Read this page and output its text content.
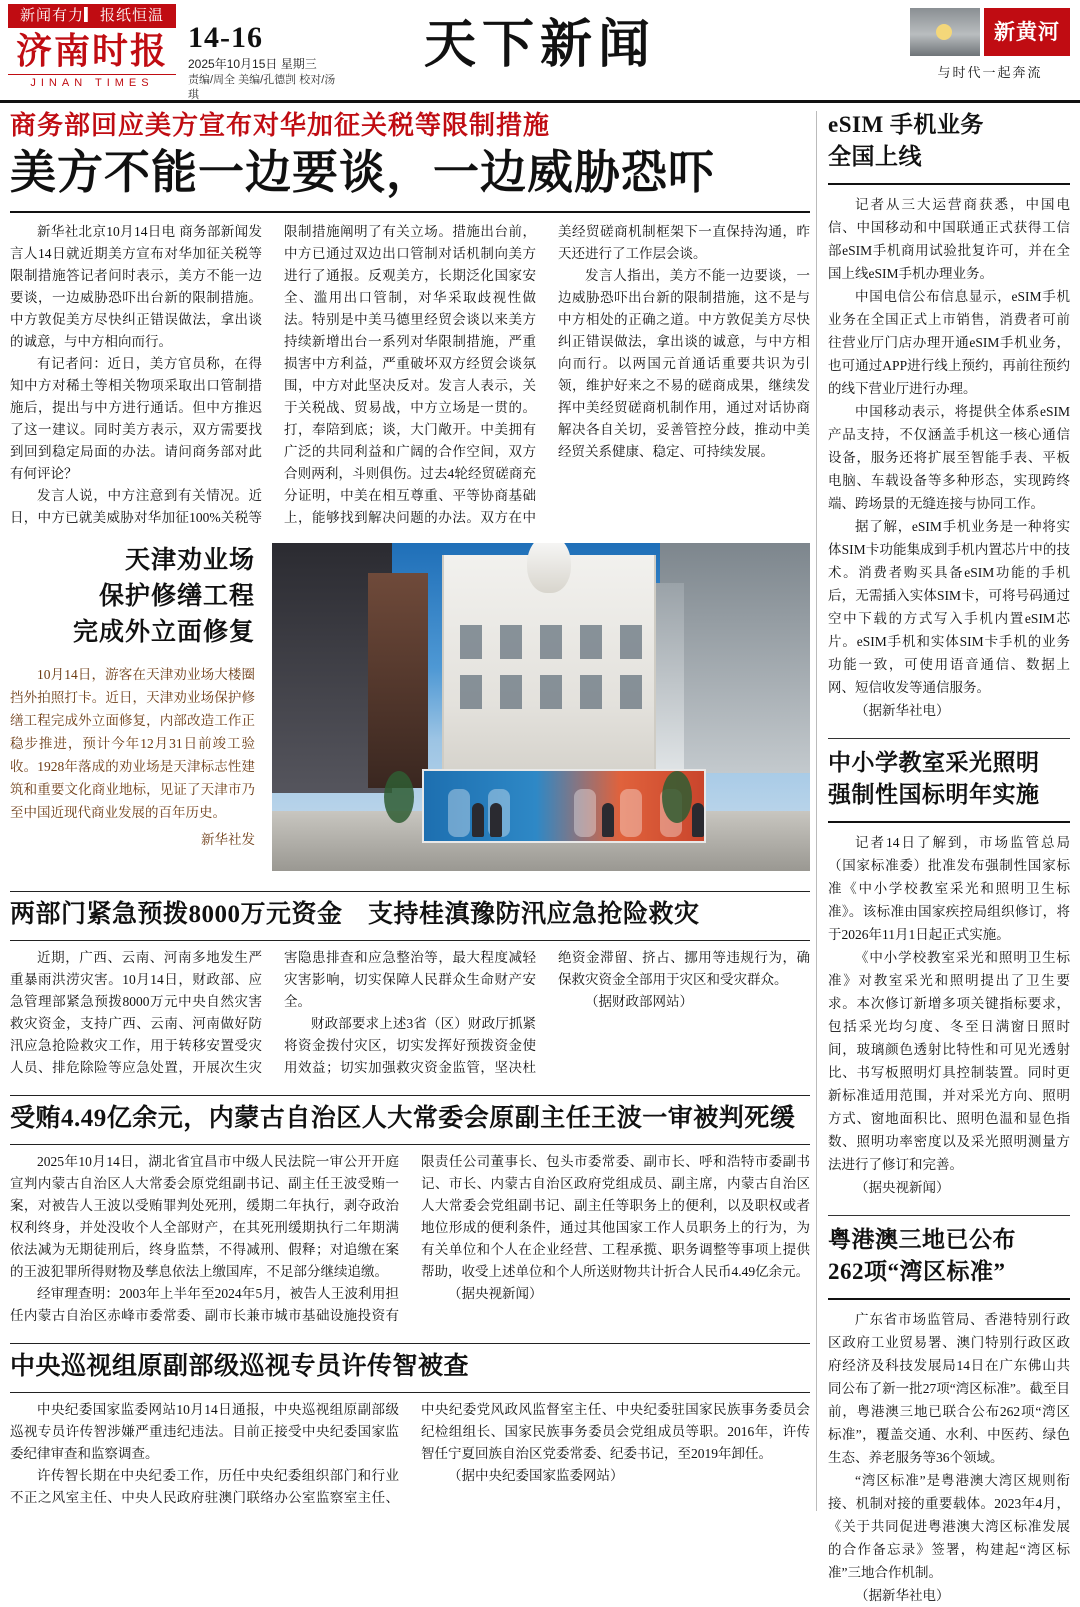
新闻有力▎报纸恒温
济南时报
JINAN TIMES
14-16
2025年10月15日 星期三
责编/周全 美编/孔德剀 校对/汤琪
天下新闻	新黄河
与时代一起奔流
商务部回应美方宣布对华加征关税等限制措施
美方不能一边要谈，一边威胁恐吓

新华社北京10月14日电 商务部新闻发言人14日就近期美方宣布对华加征关税等限制措施答记者问时表示，美方不能一边要谈，一边威胁恐吓出台新的限制措施。中方敦促美方尽快纠正错误做法，拿出谈的诚意，与中方相向而行。

有记者问：近日，美方官员称，在得知中方对稀土等相关物项采取出口管制措施后，提出与中方进行通话。但中方推迟了这一建议。同时美方表示，双方需要找到回到稳定局面的办法。请问商务部对此有何评论？

发言人说，中方注意到有关情况。近日，中方已就美威胁对华加征100%关税等限制措施阐明了有关立场。措施出台前，中方已通过双边出口管制对话机制向美方进行了通报。反观美方，长期泛化国家安全、滥用出口管制，对华采取歧视性做法。特别是中美马德里经贸会谈以来美方持续新增出台一系列对华限制措施，严重损害中方利益，严重破坏双方经贸会谈氛围，中方对此坚决反对。发言人表示，关于关税战、贸易战，中方立场是一贯的。打，奉陪到底；谈，大门敞开。中美拥有广泛的共同利益和广阔的合作空间，双方合则两利，斗则俱伤。过去4轮经贸磋商充分证明，中美在相互尊重、平等协商基础上，能够找到解决问题的办法。双方在中美经贸磋商机制框架下一直保持沟通，昨天还进行了工作层会谈。

发言人指出，美方不能一边要谈，一边威胁恐吓出台新的限制措施，这不是与中方相处的正确之道。中方敦促美方尽快纠正错误做法，拿出谈的诚意，与中方相向而行。以两国元首通话重要共识为引领，维护好来之不易的磋商成果，继续发挥中美经贸磋商机制作用，通过对话协商解决各自关切，妥善管控分歧，推动中美经贸关系健康、稳定、可持续发展。

天津劝业场
保护修缮工程
完成外立面修复

10月14日，游客在天津劝业场大楼圈挡外拍照打卡。近日，天津劝业场保护修缮工程完成外立面修复，内部改造工作正稳步推进，预计今年12月31日前竣工验收。1928年落成的劝业场是天津标志性建筑和重要文化商业地标，见证了天津市乃至中国近现代商业发展的百年历史。

新华社发

两部门紧急预拨8000万元资金　支持桂滇豫防汛应急抢险救灾

近期，广西、云南、河南多地发生严重暴雨洪涝灾害。10月14日，财政部、应急管理部紧急预拨8000万元中央自然灾害救灾资金，支持广西、云南、河南做好防汛应急抢险救灾工作，用于转移安置受灾人员、排危除险等应急处置，开展次生灾害隐患排查和应急整治等，最大程度减轻灾害影响，切实保障人民群众生命财产安全。

财政部要求上述3省（区）财政厅抓紧将资金拨付灾区，切实发挥好预拨资金使用效益；切实加强救灾资金监管，坚决杜绝资金滞留、挤占、挪用等违规行为，确保救灾资金全部用于灾区和受灾群众。

（据财政部网站）

受贿4.49亿余元，内蒙古自治区人大常委会原副主任王波一审被判死缓

2025年10月14日，湖北省宜昌市中级人民法院一审公开开庭宣判内蒙古自治区人大常委会原党组副书记、副主任王波受贿一案，对被告人王波以受贿罪判处死刑，缓期二年执行，剥夺政治权利终身，并处没收个人全部财产，在其死刑缓期执行二年期满依法减为无期徒刑后，终身监禁，不得减刑、假释；对追缴在案的王波犯罪所得财物及孳息依法上缴国库，不足部分继续追缴。

经审理查明：2003年上半年至2024年5月，被告人王波利用担任内蒙古自治区赤峰市委常委、副市长兼市城市基础设施投资有限责任公司董事长、包头市委常委、副市长、呼和浩特市委副书记、市长、内蒙古自治区政府党组成员、副主席，内蒙古自治区人大常委会党组副书记、副主任等职务上的便利，以及职权或者地位形成的便利条件，通过其他国家工作人员职务上的行为，为有关单位和个人在企业经营、工程承揽、职务调整等事项上提供帮助，收受上述单位和个人所送财物共计折合人民币4.49亿余元。

（据央视新闻）

中央巡视组原副部级巡视专员许传智被查

中央纪委国家监委网站10月14日通报，中央巡视组原副部级巡视专员许传智涉嫌严重违纪违法。目前正接受中央纪委国家监委纪律审查和监察调查。

许传智长期在中央纪委工作，历任中央纪委组织部门和行业不正之风室主任、中央人民政府驻澳门联络办公室监察室主任、中央纪委党风政风监督室主任、中央纪委驻国家民族事务委员会纪检组组长、国家民族事务委员会党组成员等职。2016年，许传智任宁夏回族自治区党委常委、纪委书记，至2019年卸任。

（据中央纪委国家监委网站）

eSIM 手机业务
全国上线

记者从三大运营商获悉，中国电信、中国移动和中国联通正式获得工信部eSIM手机商用试验批复许可，并在全国上线eSIM手机办理业务。

中国电信公布信息显示，eSIM手机业务在全国正式上市销售，消费者可前往营业厅门店办理开通eSIM手机业务，也可通过APP进行线上预约，再前往预约的线下营业厅进行办理。

中国移动表示，将提供全体系eSIM产品支持，不仅涵盖手机这一核心通信设备，服务还将扩展至智能手表、平板电脑、车载设备等多种形态，实现跨终端、跨场景的无缝连接与协同工作。

据了解，eSIM手机业务是一种将实体SIM卡功能集成到手机内置芯片中的技术。消费者购买具备eSIM功能的手机后，无需插入实体SIM卡，可将号码通过空中下载的方式写入手机内置eSIM芯片。eSIM手机和实体SIM卡手机的业务功能一致，可使用语音通信、数据上网、短信收发等通信服务。

（据新华社电）

中小学教室采光照明
强制性国标明年实施

记者14日了解到，市场监管总局（国家标准委）批准发布强制性国家标准《中小学校教室采光和照明卫生标准》。该标准由国家疾控局组织修订，将于2026年11月1日起正式实施。

《中小学校教室采光和照明卫生标准》对教室采光和照明提出了卫生要求。本次修订新增多项关键指标要求，包括采光均匀度、冬至日满窗日照时间，玻璃颜色透射比特性和可见光透射比、书写板照明灯具控制装置。同时更新标准适用范围，并对采光方向、照明方式、窗地面积比、照明色温和显色指数、照明功率密度以及采光照明测量方法进行了修订和完善。

（据央视新闻）

粤港澳三地已公布
262项“湾区标准”

广东省市场监管局、香港特别行政区政府工业贸易署、澳门特别行政区政府经济及科技发展局14日在广东佛山共同公布了新一批27项“湾区标准”。截至目前，粤港澳三地已联合公布262项“湾区标准”，覆盖交通、水利、中医药、绿色生态、养老服务等36个领域。

“湾区标准”是粤港澳大湾区规则衔接、机制对接的重要载体。2023年4月，《关于共同促进粤港澳大湾区标准发展的合作备忘录》签署，构建起“湾区标准”三地合作机制。

（据新华社电）
